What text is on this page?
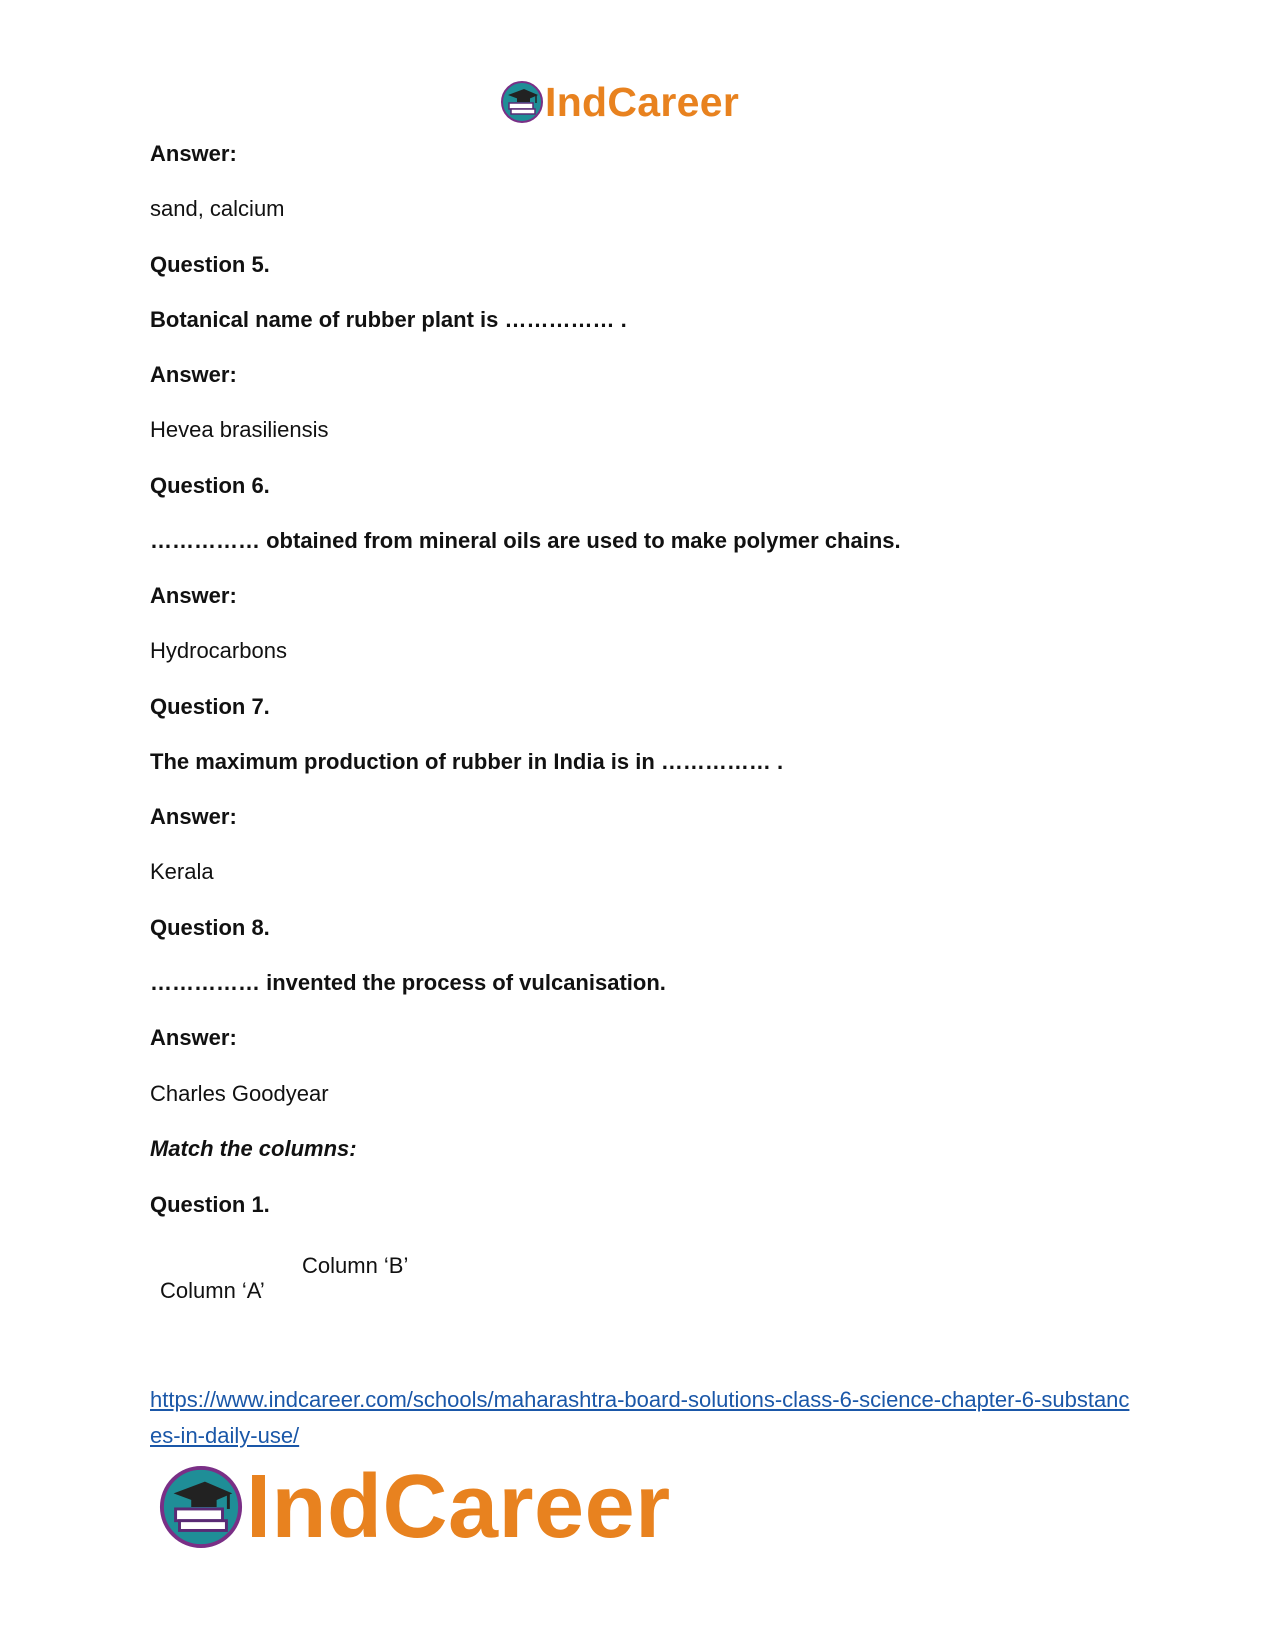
IndCareer
Answer:
sand, calcium
Question 5.
Botanical name of rubber plant is …………… .
Answer:
Hevea brasiliensis
Question 6.
…………… obtained from mineral oils are used to make polymer chains.
Answer:
Hydrocarbons
Question 7.
The maximum production of rubber in India is in …………… .
Answer:
Kerala
Question 8.
…………… invented the process of vulcanisation.
Answer:
Charles Goodyear
Match the columns:
Question 1.
Column ‘A’
Column ‘B’
https://www.indcareer.com/schools/maharashtra-board-solutions-class-6-science-chapter-6-substances-in-daily-use/
IndCareer
